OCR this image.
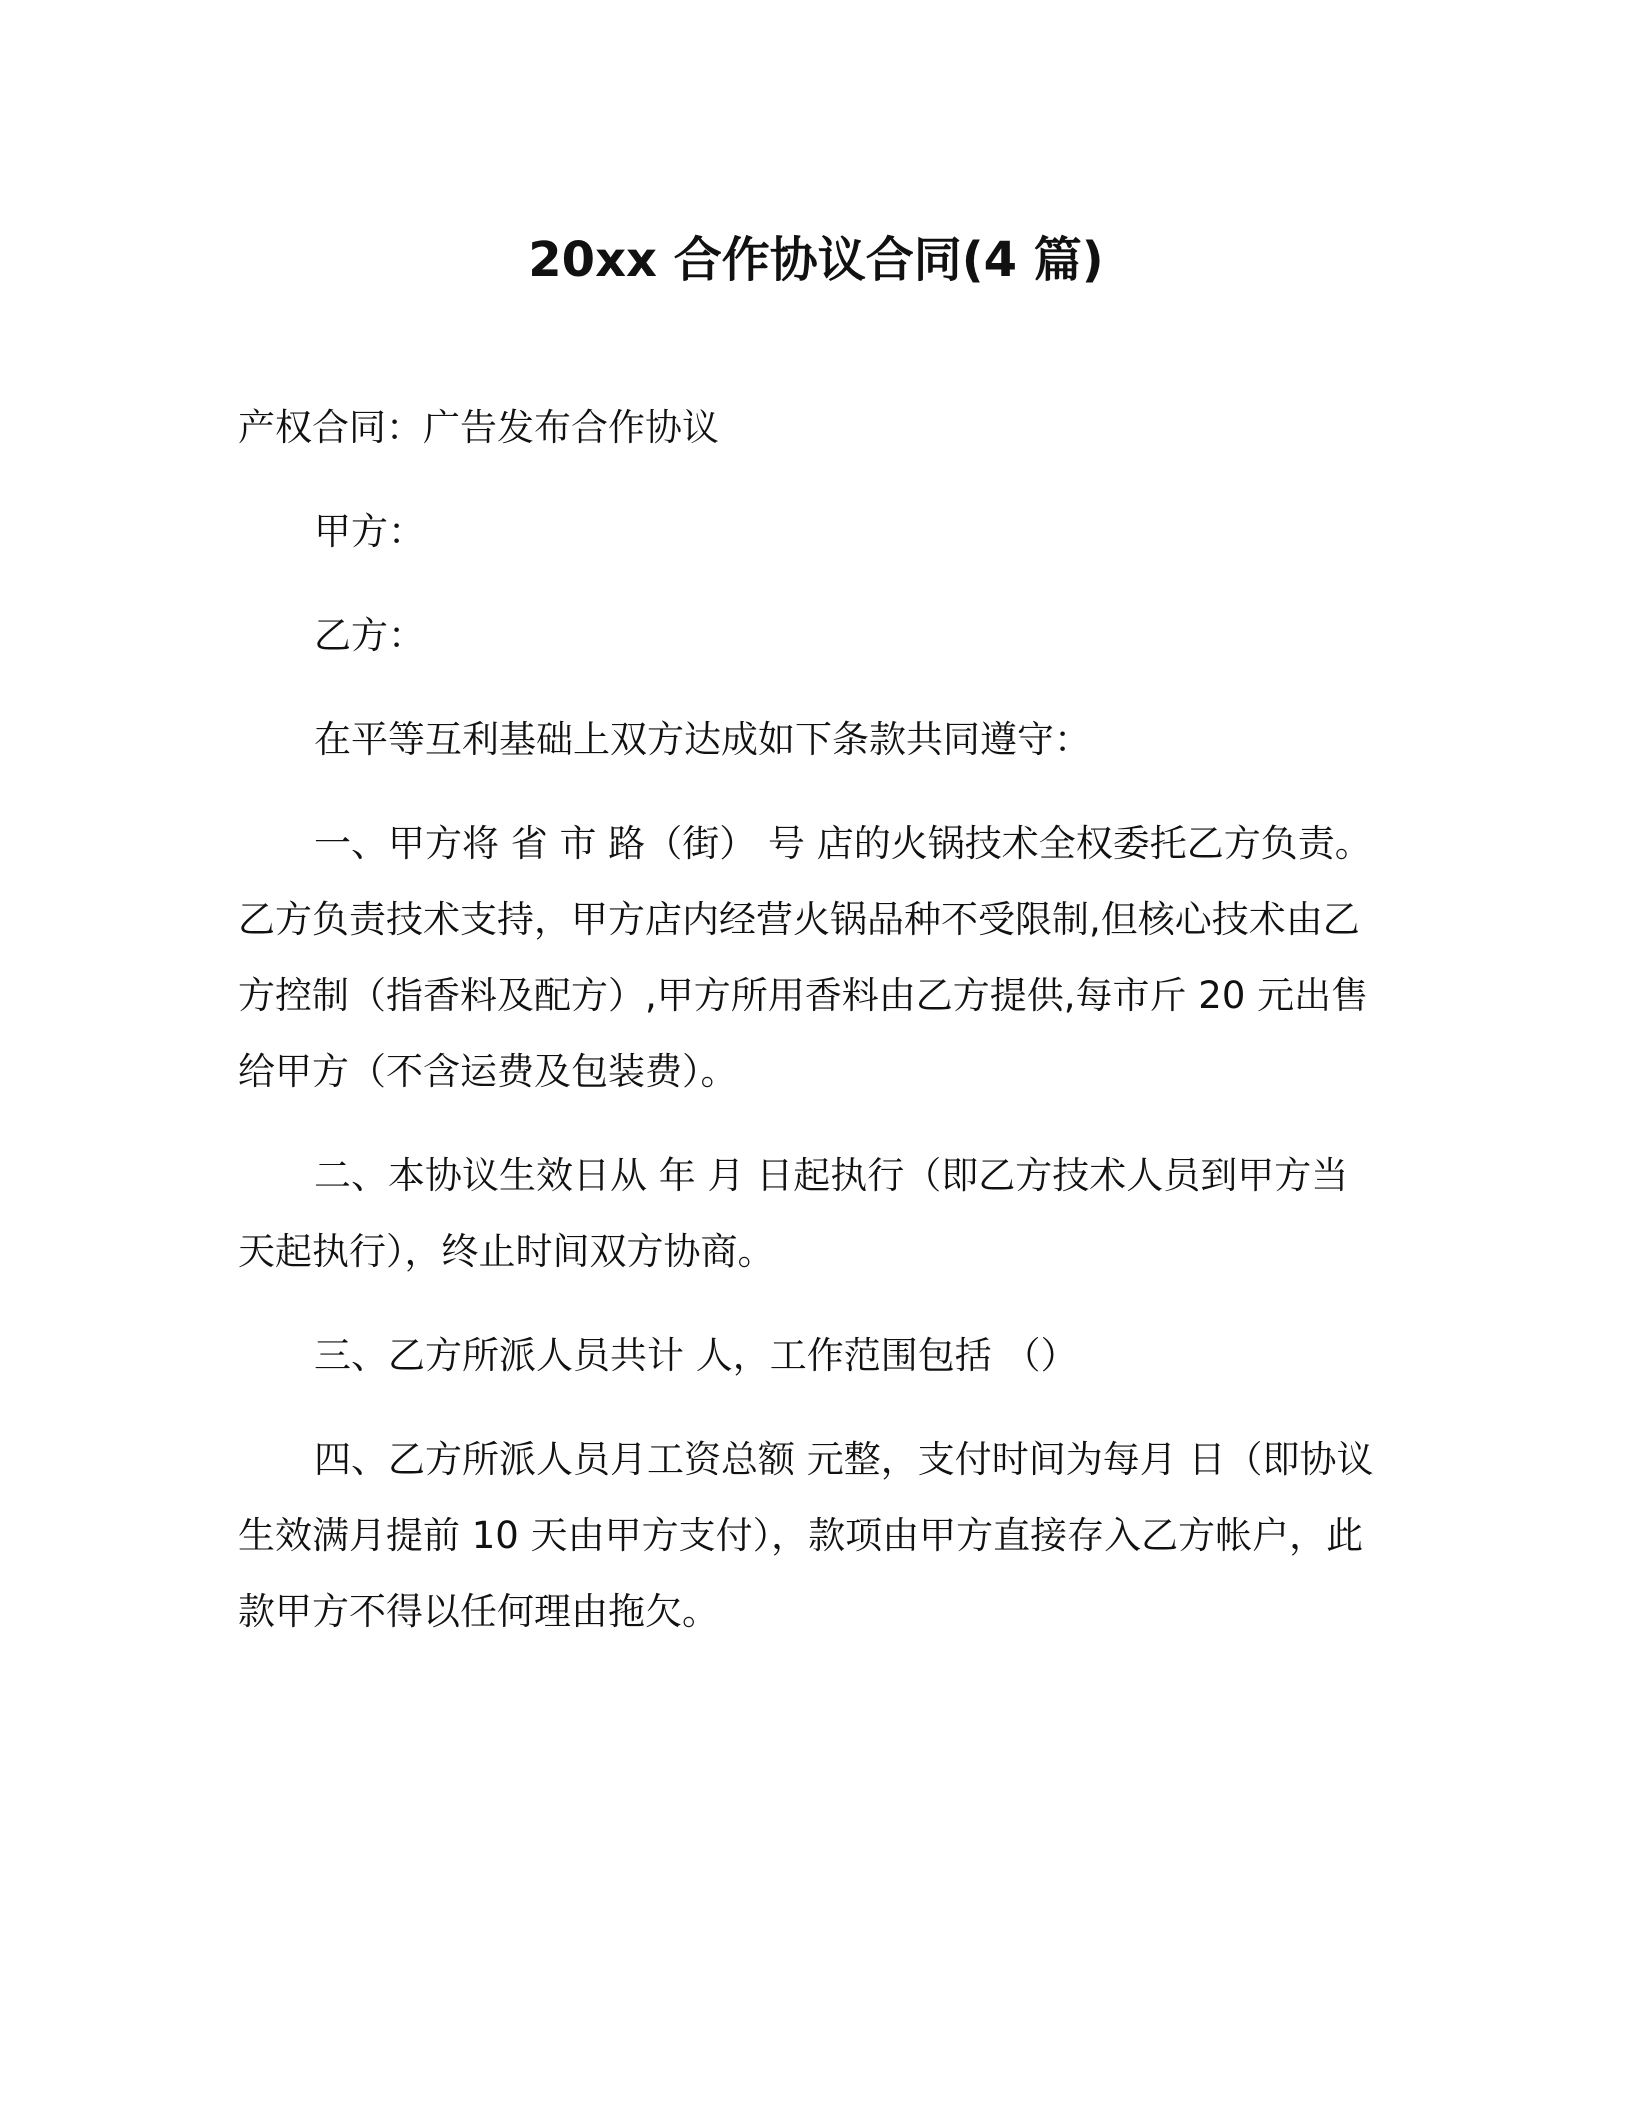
20xx 合作协议合同(4 篇)

产权合同：广告发布合作协议

甲方：

乙方：

在平等互利基础上双方达成如下条款共同遵守：

一、甲方将 省 市 路（街） 号 店的火锅技术全权委托乙方负责。乙方负责技术支持，甲方店内经营火锅品种不受限制,但核心技术由乙方控制（指香料及配方）,甲方所用香料由乙方提供,每市斤 20 元出售给甲方（不含运费及包装费）。

二、本协议生效日从 年 月 日起执行（即乙方技术人员到甲方当天起执行），终止时间双方协商。

三、乙方所派人员共计 人，工作范围包括 （）

四、乙方所派人员月工资总额 元整，支付时间为每月 日（即协议生效满月提前 10 天由甲方支付），款项由甲方直接存入乙方帐户，此款甲方不得以任何理由拖欠。
